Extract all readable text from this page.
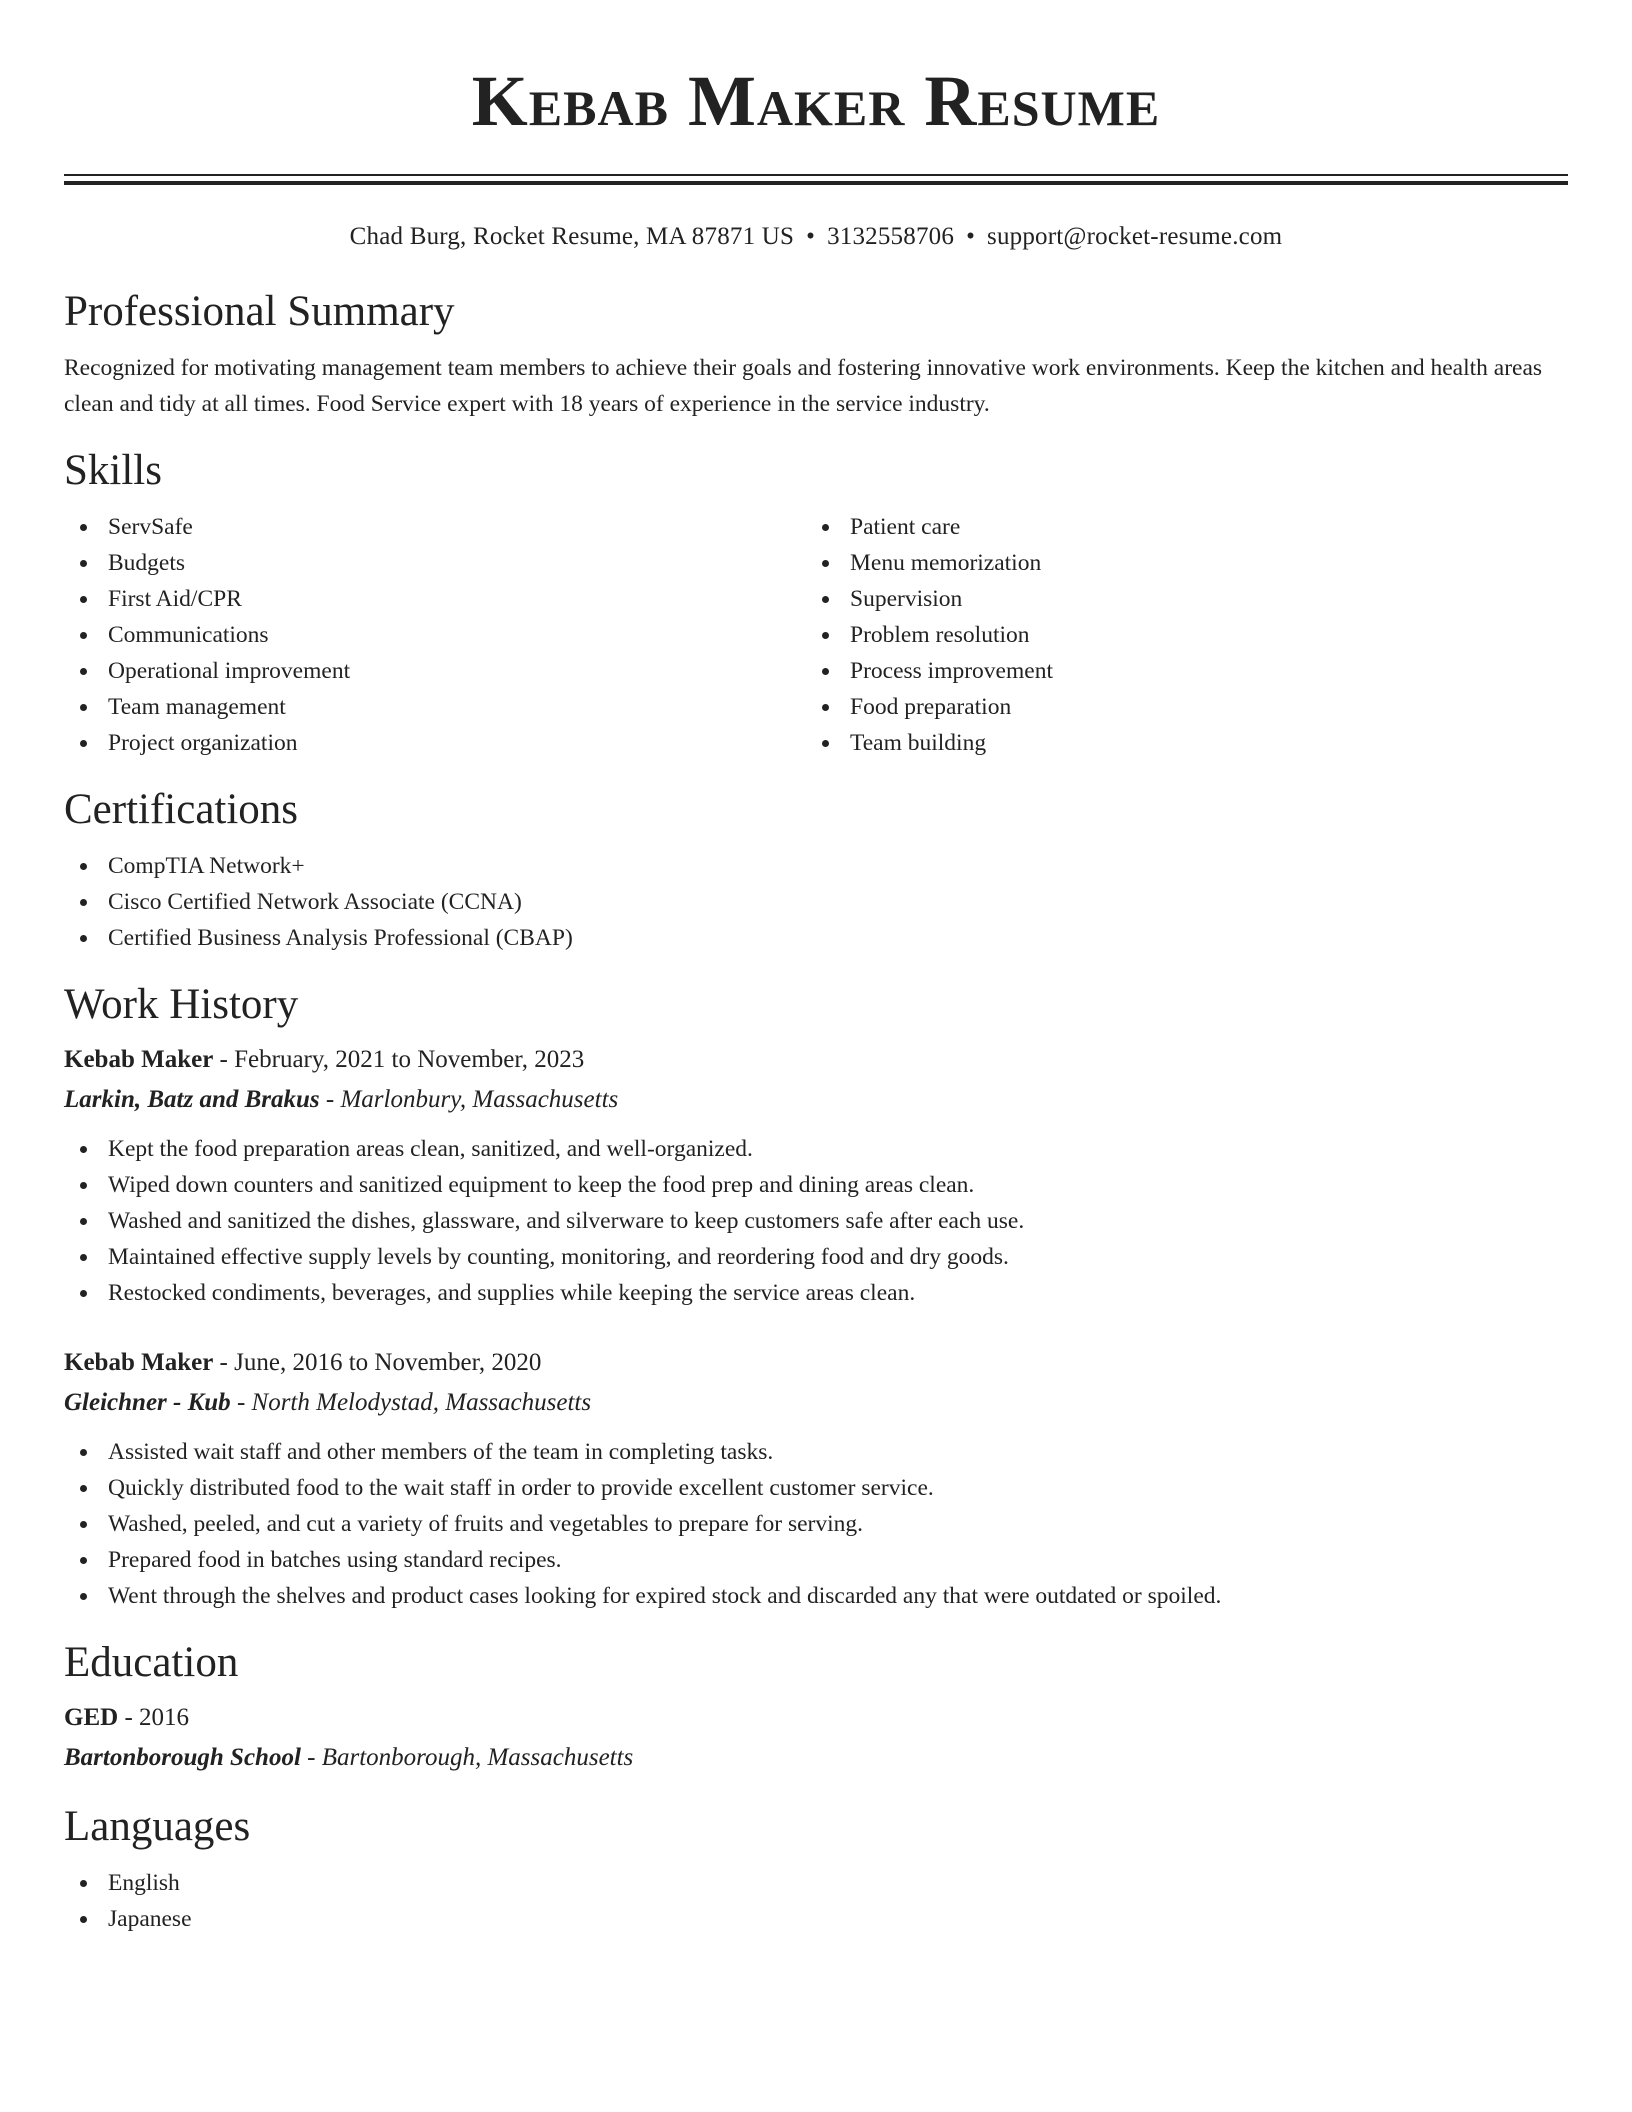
Kebab Maker Resume
Chad Burg, Rocket Resume, MA 87871 US • 3132558706 • support@rocket-resume.com
Professional Summary

Recognized for motivating management team members to achieve their goals and fostering innovative work environments. Keep the kitchen and health areas clean and tidy at all times. Food Service expert with 18 years of experience in the service industry.

Skills
ServSafe
Budgets
First Aid/CPR
Communications
Operational improvement
Team management
Project organization
Patient care
Menu memorization
Supervision
Problem resolution
Process improvement
Food preparation
Team building
Certifications
CompTIA Network+
Cisco Certified Network Associate (CCNA)
Certified Business Analysis Professional (CBAP)
Work History
Kebab Maker - February, 2021 to November, 2023
Larkin, Batz and Brakus - Marlonbury, Massachusetts
Kept the food preparation areas clean, sanitized, and well-organized.
Wiped down counters and sanitized equipment to keep the food prep and dining areas clean.
Washed and sanitized the dishes, glassware, and silverware to keep customers safe after each use.
Maintained effective supply levels by counting, monitoring, and reordering food and dry goods.
Restocked condiments, beverages, and supplies while keeping the service areas clean.
Kebab Maker - June, 2016 to November, 2020
Gleichner - Kub - North Melodystad, Massachusetts
Assisted wait staff and other members of the team in completing tasks.
Quickly distributed food to the wait staff in order to provide excellent customer service.
Washed, peeled, and cut a variety of fruits and vegetables to prepare for serving.
Prepared food in batches using standard recipes.
Went through the shelves and product cases looking for expired stock and discarded any that were outdated or spoiled.
Education
GED - 2016
Bartonborough School - Bartonborough, Massachusetts
Languages
English
Japanese
